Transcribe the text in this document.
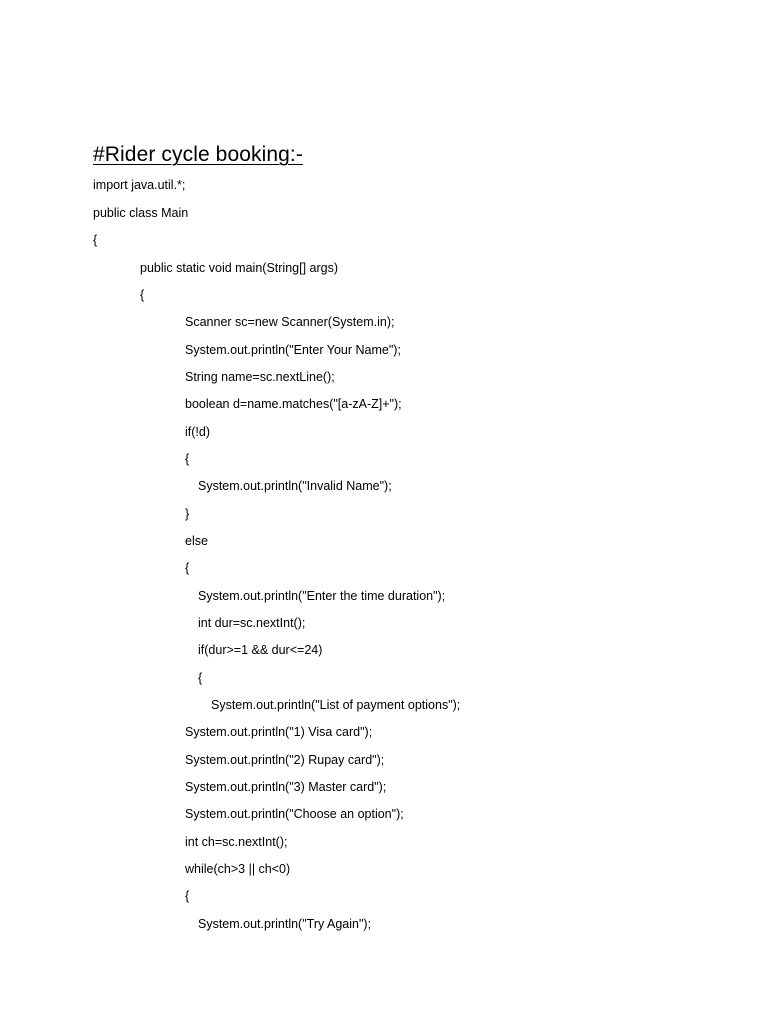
#Rider cycle booking:-
import java.util.*;
public class Main
{
public static void main(String[] args)
{
Scanner sc=new Scanner(System.in);
System.out.println("Enter Your Name");
String name=sc.nextLine();
boolean d=name.matches("[a-zA-Z]+");
if(!d)
{
System.out.println("Invalid Name");
}
else
{
System.out.println("Enter the time duration");
int dur=sc.nextInt();
if(dur>=1 && dur<=24)
{
System.out.println("List of payment options");
System.out.println("1) Visa card");
System.out.println("2) Rupay card");
System.out.println("3) Master card");
System.out.println("Choose an option");
int ch=sc.nextInt();
while(ch>3 || ch<0)
{
System.out.println("Try Again");
